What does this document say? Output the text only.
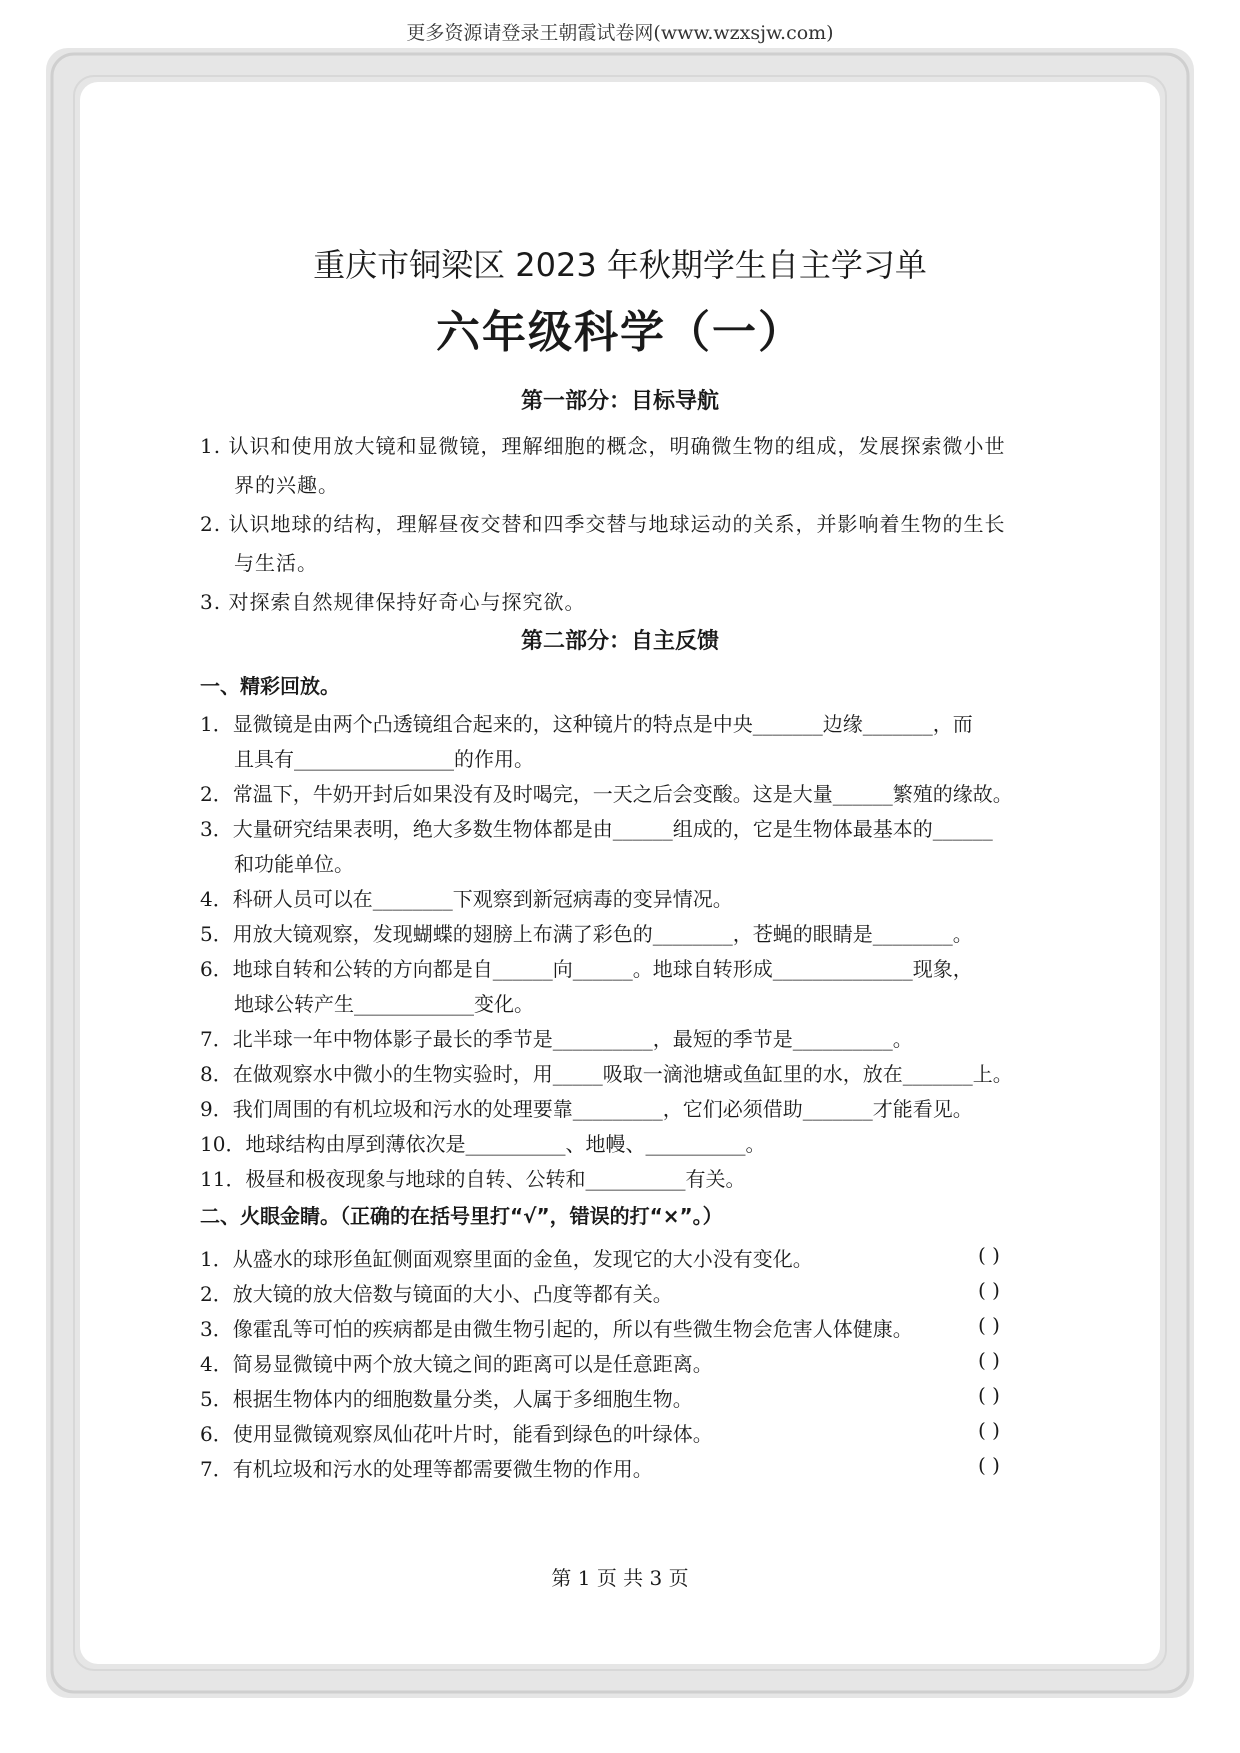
更多资源请登录王朝霞试卷网(www.wzxsjw.com)
重庆市铜梁区 2023 年秋期学生自主学习单
六年级科学（一）
第一部分：目标导航
1. 认识和使用放大镜和显微镜，理解细胞的概念，明确微生物的组成，发展探索微小世
界的兴趣。
2. 认识地球的结构，理解昼夜交替和四季交替与地球运动的关系，并影响着生物的生长
与生活。
3. 对探索自然规律保持好奇心与探究欲。
第二部分：自主反馈
一、精彩回放。
1．显微镜是由两个凸透镜组合起来的，这种镜片的特点是中央_______边缘_______，而
且具有________________的作用。
2．常温下，牛奶开封后如果没有及时喝完，一天之后会变酸。这是大量______繁殖的缘故。
3．大量研究结果表明，绝大多数生物体都是由______组成的，它是生物体最基本的______
和功能单位。
4．科研人员可以在________下观察到新冠病毒的变异情况。
5．用放大镜观察，发现蝴蝶的翅膀上布满了彩色的________，苍蝇的眼睛是________。
6．地球自转和公转的方向都是自______向______。地球自转形成______________现象，
地球公转产生____________变化。
7．北半球一年中物体影子最长的季节是__________，最短的季节是__________。
8．在做观察水中微小的生物实验时，用_____吸取一滴池塘或鱼缸里的水，放在_______上。
9．我们周围的有机垃圾和污水的处理要靠_________，它们必须借助_______才能看见。
10．地球结构由厚到薄依次是__________、地幔、__________。
11．极昼和极夜现象与地球的自转、公转和__________有关。
二、火眼金睛。（正确的在括号里打“√”，错误的打“×”。）
1．从盛水的球形鱼缸侧面观察里面的金鱼，发现它的大小没有变化。	( )
2．放大镜的放大倍数与镜面的大小、凸度等都有关。	( )
3．像霍乱等可怕的疾病都是由微生物引起的，所以有些微生物会危害人体健康。	( )
4．简易显微镜中两个放大镜之间的距离可以是任意距离。	( )
5．根据生物体内的细胞数量分类，人属于多细胞生物。	( )
6．使用显微镜观察凤仙花叶片时，能看到绿色的叶绿体。	( )
7．有机垃圾和污水的处理等都需要微生物的作用。	( )
第 1 页 共 3 页
